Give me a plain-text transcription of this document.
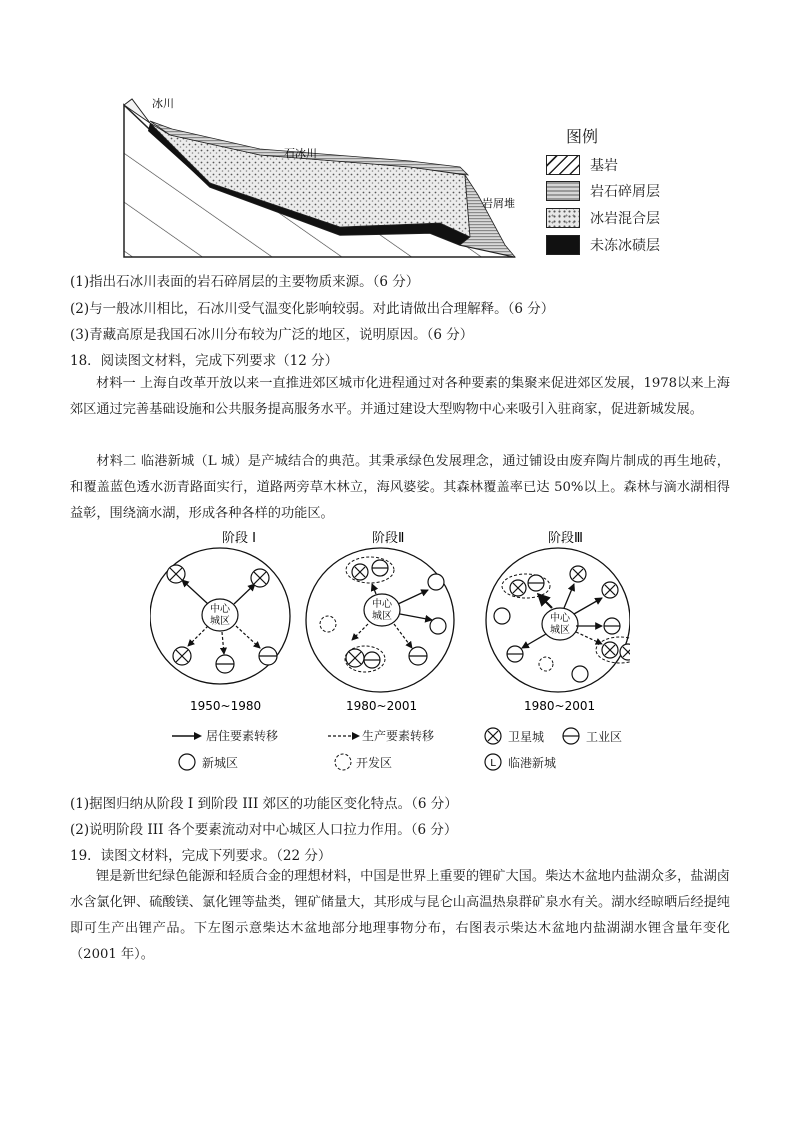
冰川
石冰川
岩屑堆
图例
基岩
岩石碎屑层
冰岩混合层
未冻冰碛层
(1)指出石冰川表面的岩石碎屑层的主要物质来源。（6 分）
(2)与一般冰川相比，石冰川受气温变化影响较弱。对此请做出合理解释。（6 分）
(3)青藏高原是我国石冰川分布较为广泛的地区，说明原因。（6 分）
18．阅读图文材料，完成下列要求（12 分）
材料一 上海自改革开放以来一直推进郊区城市化进程通过对各种要素的集聚来促进郊区发展，1978以来上海郊区通过完善基础设施和公共服务提高服务水平。并通过建设大型购物中心来吸引入驻商家，促进新城发展。
材料二 临港新城（L 城）是产城结合的典范。其秉承绿色发展理念，通过铺设由废弃陶片制成的再生地砖，和覆盖蓝色透水沥青路面实行，道路两旁草木林立，海风婆娑。其森林覆盖率已达 50%以上。森林与滴水湖相得益彰，围绕滴水湖，形成各种各样的功能区。
阶段 I	阶段Ⅱ	阶段Ⅲ
中心
城区
中心
城区	中心
城区
1950~1980	1980~2001	1980~2001
居住要素转移	生产要素转移	卫星城	工业区
新城区	开发区	L 临港新城
(1)据图归纳从阶段 I 到阶段 III 郊区的功能区变化特点。（6 分）
(2)说明阶段 III 各个要素流动对中心城区人口拉力作用。（6 分）
19．读图文材料，完成下列要求。（22 分）
锂是新世纪绿色能源和轻质合金的理想材料，中国是世界上重要的锂矿大国。柴达木盆地内盐湖众多，盐湖卤水含氯化钾、硫酸镁、氯化锂等盐类，锂矿储量大，其形成与昆仑山高温热泉群矿泉水有关。湖水经晾晒后经提纯即可生产出锂产品。下左图示意柴达木盆地部分地理事物分布，右图表示柴达木盆地内盐湖湖水锂含量年变化（2001 年）。
